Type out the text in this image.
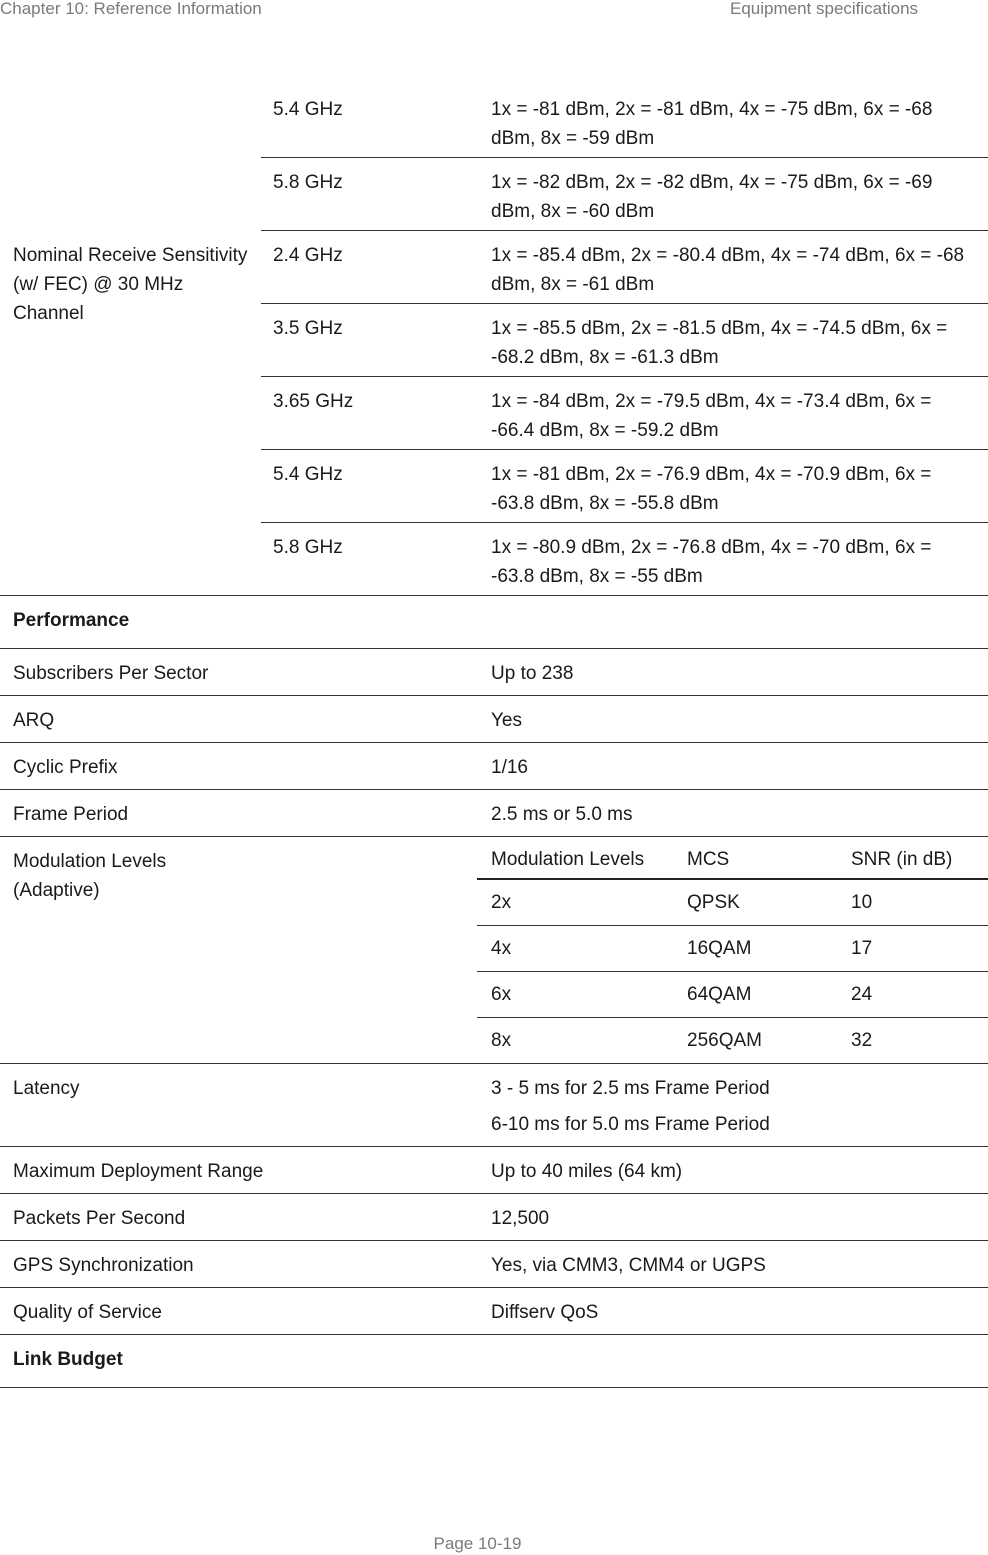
Chapter 10: Reference Information	Equipment specifications
	5.4 GHz	1x = -81 dBm, 2x = -81 dBm, 4x = -75 dBm, 6x = -68 dBm, 8x = -59 dBm
5.8 GHz	1x = -82 dBm, 2x = -82 dBm, 4x = -75 dBm, 6x = -69 dBm, 8x = -60 dBm
Nominal Receive Sensitivity (w/ FEC) @ 30 MHz Channel	2.4 GHz	1x = -85.4 dBm, 2x = -80.4 dBm, 4x = -74 dBm, 6x = -68 dBm, 8x = -61 dBm
3.5 GHz	1x = -85.5 dBm, 2x = -81.5 dBm, 4x = -74.5 dBm, 6x = -68.2 dBm, 8x = -61.3 dBm
3.65 GHz	1x = -84 dBm, 2x = -79.5 dBm, 4x = -73.4 dBm, 6x = -66.4 dBm, 8x = -59.2 dBm
5.4 GHz	1x = -81 dBm, 2x = -76.9 dBm, 4x = -70.9 dBm, 6x = -63.8 dBm, 8x = -55.8 dBm
5.8 GHz	1x = -80.9 dBm, 2x = -76.8 dBm, 4x = -70 dBm, 6x = -63.8 dBm, 8x = -55 dBm
Performance
Subscribers Per Sector	Up to 238
ARQ	Yes
Cyclic Prefix	1/16
Frame Period	2.5 ms or 5.0 ms

Modulation Levels (Adaptive)

Modulation Levels	MCS	SNR (in dB)
2x	QPSK	10
4x	16QAM	17
6x	64QAM	24
8x	256QAM	32

Latency	3 - 5 ms for 2.5 ms Frame Period
6-10 ms for 5.0 ms Frame Period

Maximum Deployment Range	Up to 40 miles (64 km)
Packets Per Second	12,500
GPS Synchronization	Yes, via CMM3, CMM4 or UGPS
Quality of Service	Diffserv QoS
Link Budget
Page 10-19
